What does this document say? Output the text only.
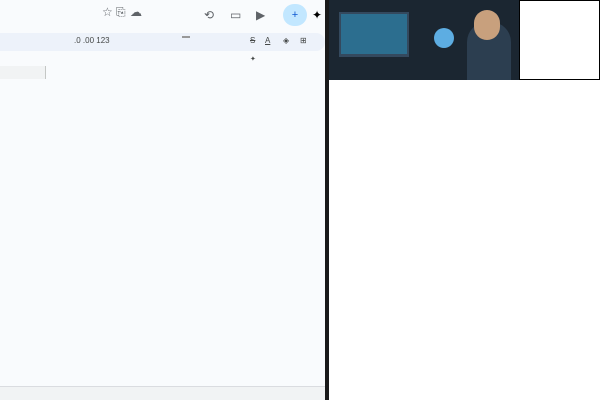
☆ ⎘ ☁	⟲ ▭ ▶	+	✦
.0 .00 123	S A ◈ ⊞
✦
